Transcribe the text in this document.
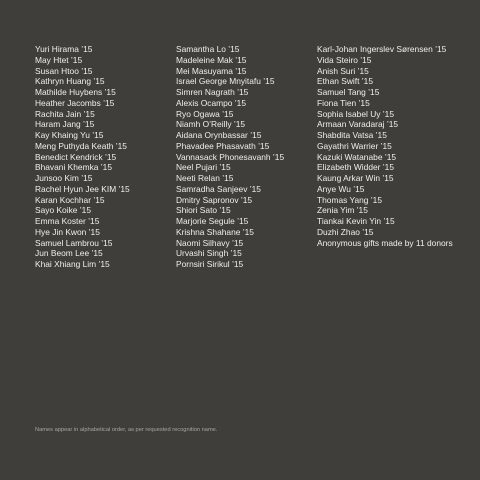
Yuri Hirama ’15
May Htet ’15
Susan Htoo ’15
Kathryn Huang ’15
Mathilde Huybens ’15
Heather Jacombs ’15
Rachita Jain ’15
Haram Jang ’15
Kay Khaing Yu ’15
Meng Puthyda Keath ’15
Benedict Kendrick ’15
Bhavani Khemka ’15
Junsoo Kim ’15
Rachel Hyun Jee KIM ’15
Karan Kochhar ’15
Sayo Koike ’15
Emma Koster ’15
Hye Jin Kwon ’15
Samuel Lambrou ’15
Jun Beom Lee ’15
Khai Xhiang Lim ’15
Samantha Lo ’15
Madeleine Mak ’15
Mei Masuyama ’15
Israel George Mnyitafu ’15
Simren Nagrath ’15
Alexis Ocampo ’15
Ryo Ogawa ’15
Niamh O’Reilly ’15
Aidana Orynbassar ’15
Phavadee Phasavath ’15
Vannasack Phonesavanh ’15
Neel Pujari ’15
Neeti Relan ’15
Samradha Sanjeev ’15
Dmitry Sapronov ’15
Shiori Sato ’15
Marjorie Segule ’15
Krishna Shahane ’15
Naomi Silhavy ’15
Urvashi Singh ’15
Pornsiri Sirikul ’15
Karl-Johan Ingerslev Sørensen ’15
Vida Steiro ’15
Anish Suri ’15
Ethan Swift ’15
Samuel Tang ’15
Fiona Tien ’15
Sophia Isabel Uy ’15
Armaan Varadaraj ’15
Shabdita Vatsa ’15
Gayathri Warrier ’15
Kazuki Watanabe ’15
Elizabeth Widder ’15
Kaung Arkar Win ’15
Anye Wu ’15
Thomas Yang ’15
Zenia Yim ’15
Tiankai Kevin Yin ’15
Duzhi Zhao ’15
Anonymous gifts made by 11 donors
Names appear in alphabetical order, as per requested recognition name.
